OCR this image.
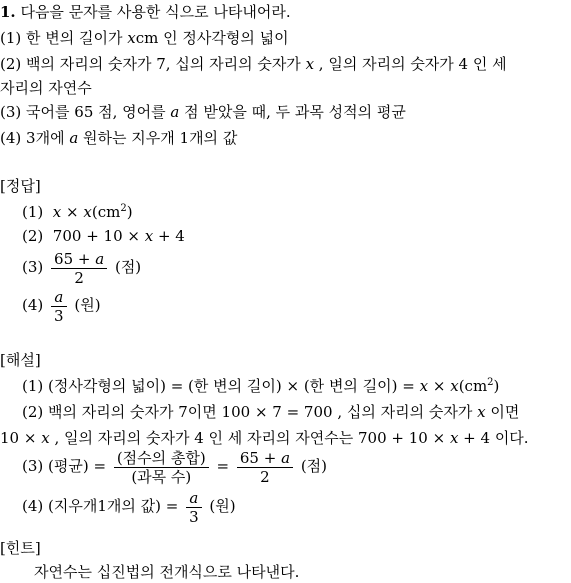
1. 다음을 문자를 사용한 식으로 나타내어라.
(1) 한 변의 길이가 xcm 인 정사각형의 넓이
(2) 백의 자리의 숫자가 7, 십의 자리의 숫자가 x , 일의 자리의 숫자가 4 인 세
자리의 자연수
(3) 국어를 65 점, 영어를 a 점 받았을 때, 두 과목 성적의 평균
(4) 3개에 a 원하는 지우개 1개의 값
[정답]
(1) $x \times x(cm^2)$
(2) 700 + 10 × x + 4
$(3) \frac{65 + a}{2}$ (점)
$(4) \frac{a}{3}$ (원)
[해설]
(1) (정사각형의 넓이) = (한 변의 길이) × (한 변의 길이) = $x \times x(cm^2)$
(2) 백의 자리의 숫자가 7이면 100 × 7 = 700 , 십의 자리의 숫자가 x 이면
10 × x , 일의 자리의 숫자가 4 인 세 자리의 자연수는 700 + 10 × x + 4 이다.
(3) (평균) = $\frac{\text{(점수의 총합)}}{\text{(과목 수)}} = \frac{65 + a}{2}$ (점)
(4) (지우개1개의 값) = $\frac{a}{3}$ (원)
[힌트]
자연수는 십진법의 전개식으로 나타낸다.
